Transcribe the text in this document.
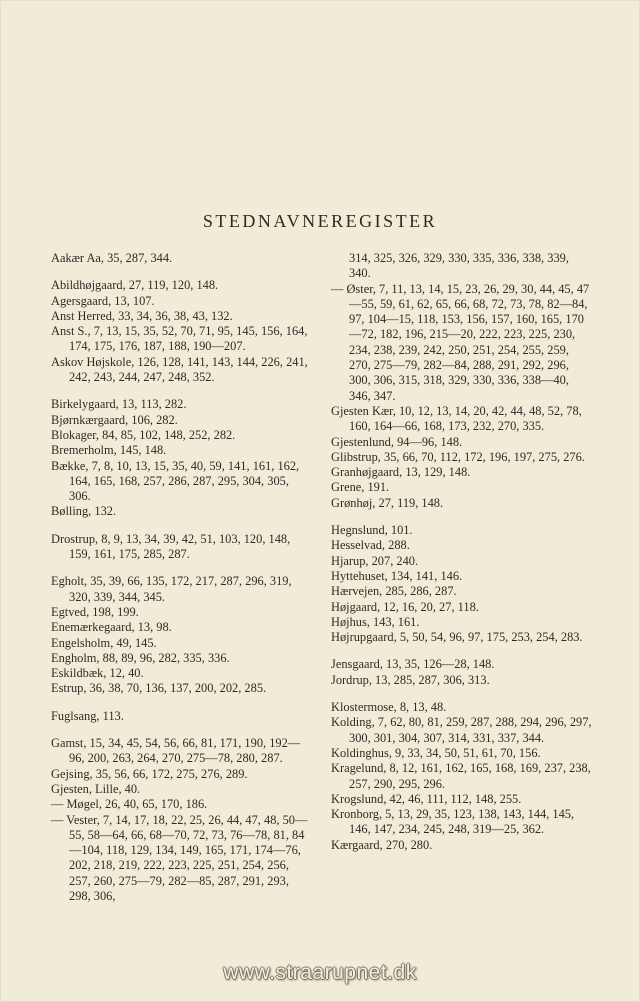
STEDNAVNEREGISTER

Aakær Aa, 35, 287, 344.

Abildhøjgaard, 27, 119, 120, 148.

Agersgaard, 13, 107.

Anst Herred, 33, 34, 36, 38, 43, 132.

Anst S., 7, 13, 15, 35, 52, 70, 71, 95, 145, 156, 164, 174, 175, 176, 187, 188, 190—207.

Askov Højskole, 126, 128, 141, 143, 144, 226, 241, 242, 243, 244, 247, 248, 352.

Birkelygaard, 13, 113, 282.

Bjørnkærgaard, 106, 282.

Blokager, 84, 85, 102, 148, 252, 282.

Bremerholm, 145, 148.

Bække, 7, 8, 10, 13, 15, 35, 40, 59, 141, 161, 162, 164, 165, 168, 257, 286, 287, 295, 304, 305, 306.

Bølling, 132.

Drostrup, 8, 9, 13, 34, 39, 42, 51, 103, 120, 148, 159, 161, 175, 285, 287.

Egholt, 35, 39, 66, 135, 172, 217, 287, 296, 319, 320, 339, 344, 345.

Egtved, 198, 199.

Enemærkegaard, 13, 98.

Engelsholm, 49, 145.

Engholm, 88, 89, 96, 282, 335, 336.

Eskildbæk, 12, 40.

Estrup, 36, 38, 70, 136, 137, 200, 202, 285.

Fuglsang, 113.

Gamst, 15, 34, 45, 54, 56, 66, 81, 171, 190, 192—96, 200, 263, 264, 270, 275—78, 280, 287.

Gejsing, 35, 56, 66, 172, 275, 276, 289.

Gjesten, Lille, 40.

— Møgel, 26, 40, 65, 170, 186.

— Vester, 7, 14, 17, 18, 22, 25, 26, 44, 47, 48, 50—55, 58—64, 66, 68—70, 72, 73, 76—78, 81, 84—104, 118, 129, 134, 149, 165, 171, 174—76, 202, 218, 219, 222, 223, 225, 251, 254, 256, 257, 260, 275—79, 282—85, 287, 291, 293, 298, 306,

314, 325, 326, 329, 330, 335, 336, 338, 339, 340.

— Øster, 7, 11, 13, 14, 15, 23, 26, 29, 30, 44, 45, 47—55, 59, 61, 62, 65, 66, 68, 72, 73, 78, 82—84, 97, 104—15, 118, 153, 156, 157, 160, 165, 170—72, 182, 196, 215—20, 222, 223, 225, 230, 234, 238, 239, 242, 250, 251, 254, 255, 259, 270, 275—79, 282—84, 288, 291, 292, 296, 300, 306, 315, 318, 329, 330, 336, 338—40, 346, 347.

Gjesten Kær, 10, 12, 13, 14, 20, 42, 44, 48, 52, 78, 160, 164—66, 168, 173, 232, 270, 335.

Gjestenlund, 94—96, 148.

Glibstrup, 35, 66, 70, 112, 172, 196, 197, 275, 276.

Granhøjgaard, 13, 129, 148.

Grene, 191.

Grønhøj, 27, 119, 148.

Hegnslund, 101.

Hesselvad, 288.

Hjarup, 207, 240.

Hyttehuset, 134, 141, 146.

Hærvejen, 285, 286, 287.

Højgaard, 12, 16, 20, 27, 118.

Højhus, 143, 161.

Højrupgaard, 5, 50, 54, 96, 97, 175, 253, 254, 283.

Jensgaard, 13, 35, 126—28, 148.

Jordrup, 13, 285, 287, 306, 313.

Klostermose, 8, 13, 48.

Kolding, 7, 62, 80, 81, 259, 287, 288, 294, 296, 297, 300, 301, 304, 307, 314, 331, 337, 344.

Koldinghus, 9, 33, 34, 50, 51, 61, 70, 156.

Kragelund, 8, 12, 161, 162, 165, 168, 169, 237, 238, 257, 290, 295, 296.

Krogslund, 42, 46, 111, 112, 148, 255.

Kronborg, 5, 13, 29, 35, 123, 138, 143, 144, 145, 146, 147, 234, 245, 248, 319—25, 362.

Kærgaard, 270, 280.

www.straarupnet.dk
